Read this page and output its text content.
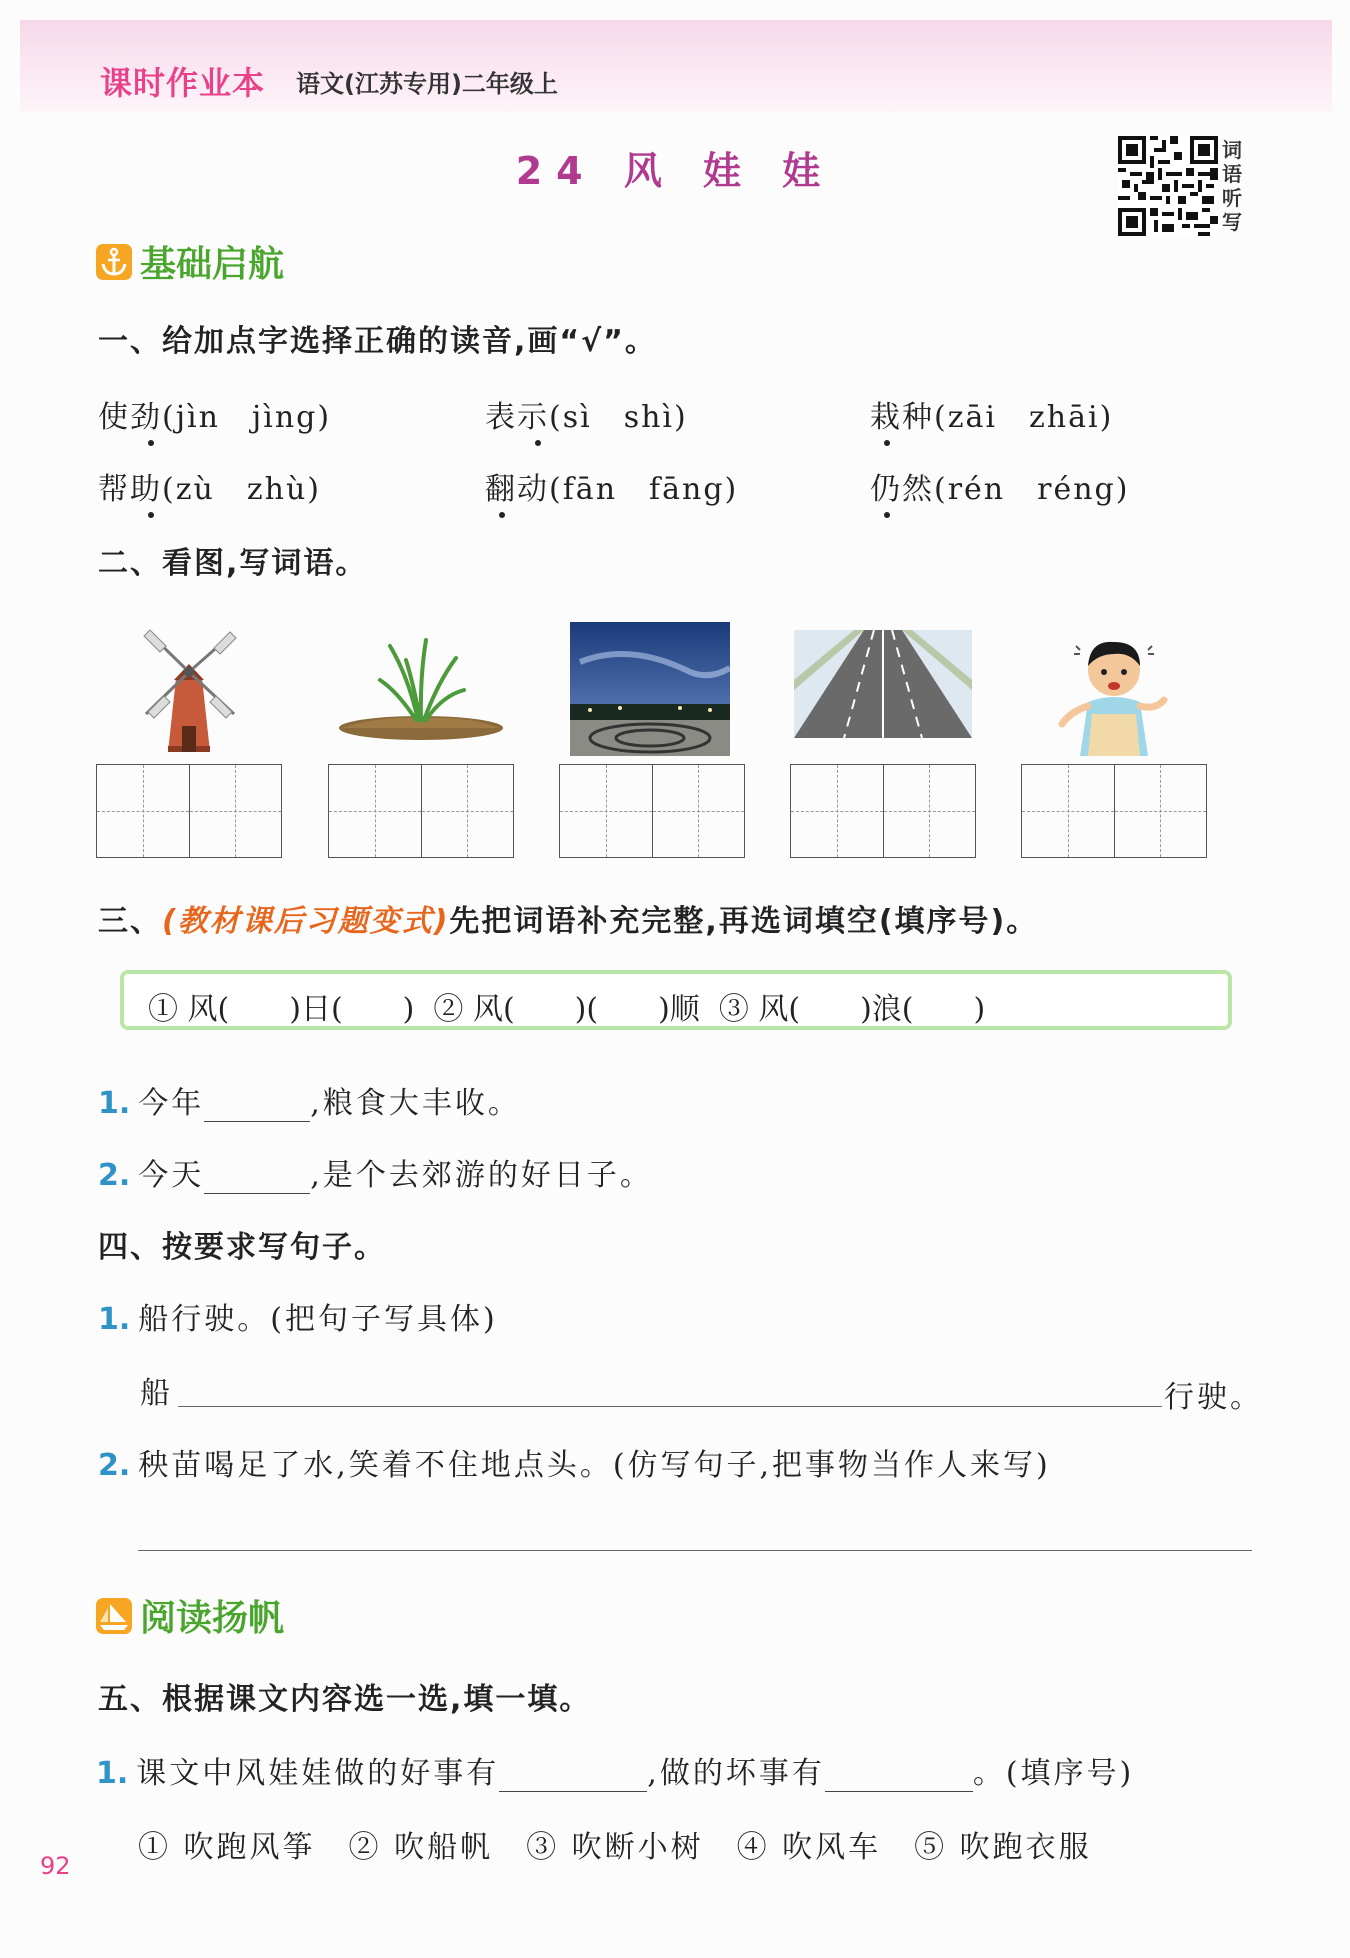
课时作业本 语文(江苏专用)二年级上
24 风 娃 娃	词语听写
基础启航
一、给加点字选择正确的读音,画“√”。
使劲(jìn　jìng)	表示(sì　shì)	栽种(zāi　zhāi)
帮助(zù　zhù)	翻动(fān　fāng)	仍然(rén　réng)
二、看图,写词语。
三、(教材课后习题变式)先把词语补充完整,再选词填空(填序号)。
① 风(　　)日(　　)  ② 风(　　)(　　)顺  ③ 风(　　)浪(　　)
1. 今年	,粮食大丰收。
2. 今天	,是个去郊游的好日子。
四、按要求写句子。
1. 船行驶。(把句子写具体)
船	行驶。
2. 秧苗喝足了水,笑着不住地点头。(仿写句子,把事物当作人来写)
阅读扬帆
五、根据课文内容选一选,填一填。
1. 课文中风娃娃做的好事有	,做的坏事有	。(填序号)
① 吹跑风筝　② 吹船帆　③ 吹断小树　④ 吹风车　⑤ 吹跑衣服
92
